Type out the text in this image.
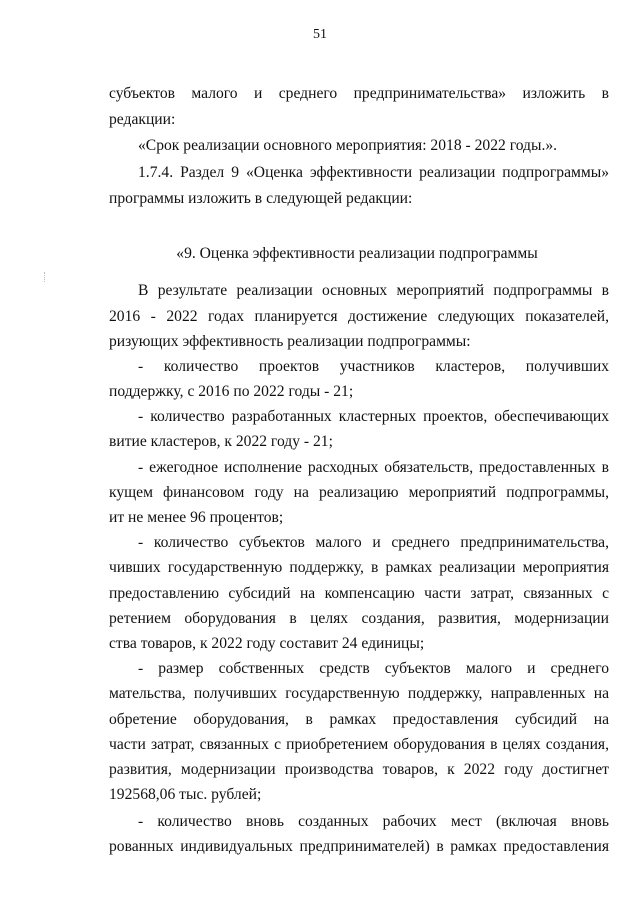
51
субъектов малого и среднего предпринимательства» изложить в
редакции:
«Срок реализации основного мероприятия: 2018 - 2022 годы.».
1.7.4. Раздел 9 «Оценка эффективности реализации подпрограммы»
программы изложить в следующей редакции:
«9. Оценка эффективности реализации подпрограммы
В результате реализации основных мероприятий подпрограммы в
2016 - 2022 годах планируется достижение следующих показателей,
ризующих эффективность реализации подпрограммы:
- количество проектов участников кластеров, получивших
поддержку, с 2016 по 2022 годы - 21;
- количество разработанных кластерных проектов, обеспечивающих
витие кластеров, к 2022 году - 21;
- ежегодное исполнение расходных обязательств, предоставленных в
кущем финансовом году на реализацию мероприятий подпрограммы,
ит не менее 96 процентов;
- количество субъектов малого и среднего предпринимательства,
чивших государственную поддержку, в рамках реализации мероприятия
предоставлению субсидий на компенсацию части затрат, связанных с
ретением оборудования в целях создания, развития, модернизации
ства товаров, к 2022 году составит 24 единицы;
- размер собственных средств субъектов малого и среднего
мательства, получивших государственную поддержку, направленных на
обретение оборудования, в рамках предоставления субсидий на
части затрат, связанных с приобретением оборудования в целях создания,
развития, модернизации производства товаров, к 2022 году достигнет
192568,06 тыс. рублей;
- количество вновь созданных рабочих мест (включая вновь
рованных индивидуальных предпринимателей) в рамках предоставления
